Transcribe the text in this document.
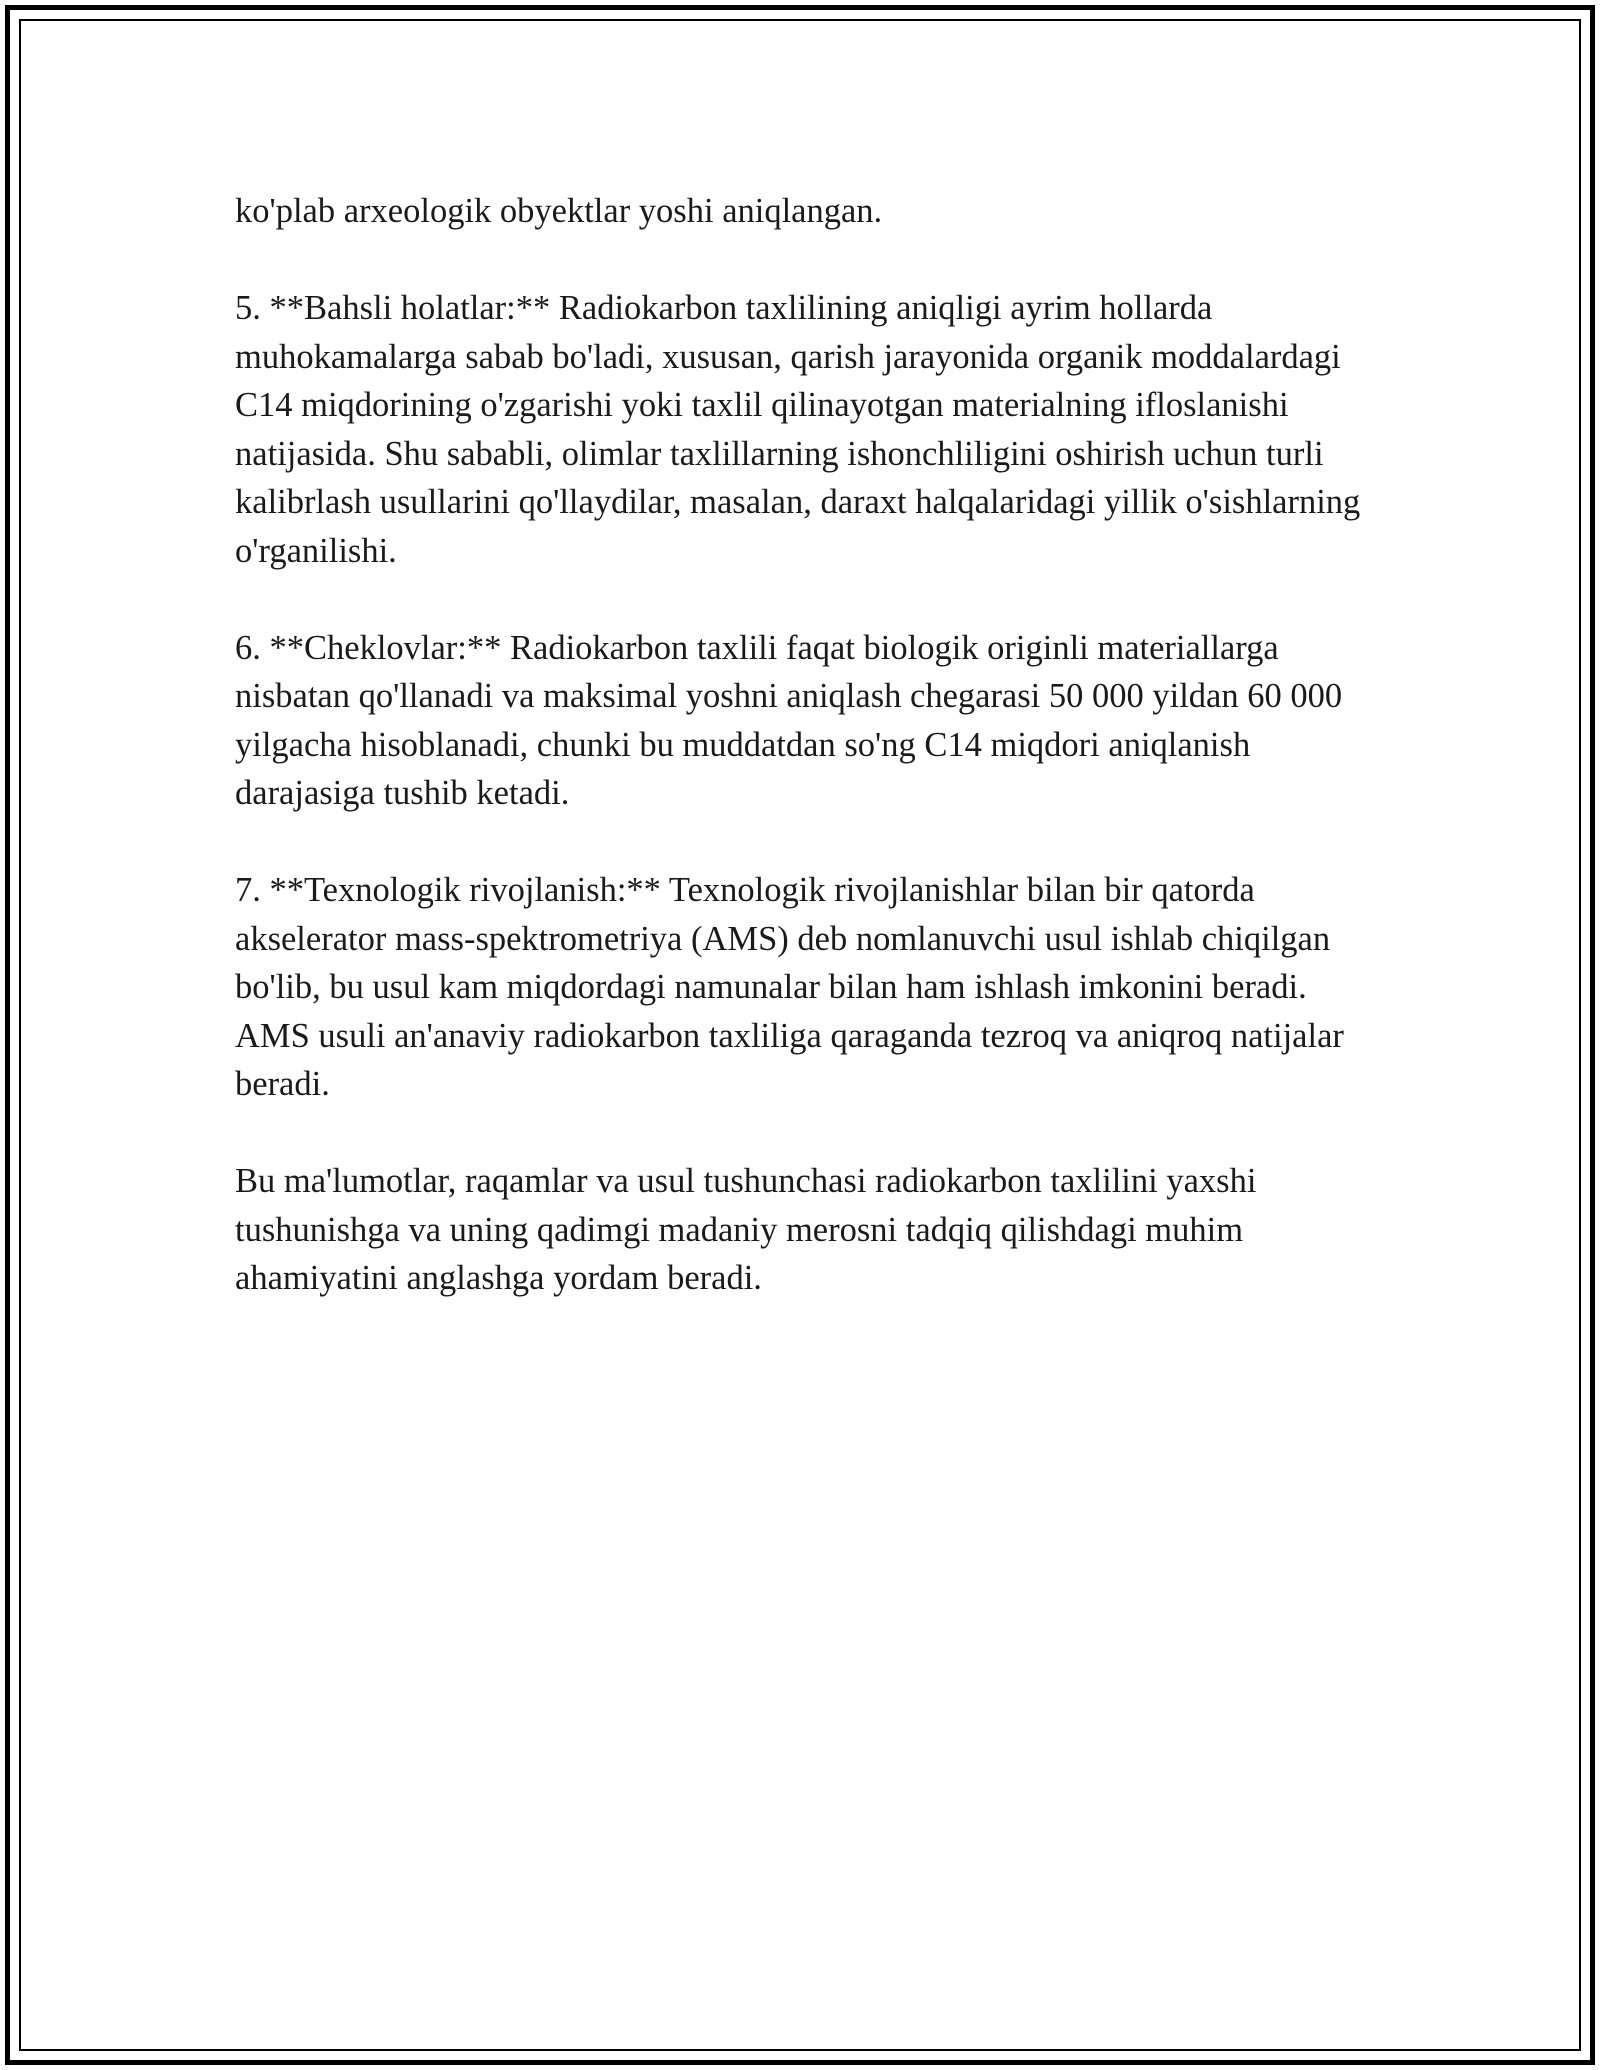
ko'plab arxeologik obyektlar yoshi aniqlangan.

5. **Bahsli holatlar:** Radiokarbon taxlilining aniqligi ayrim hollarda muhokamalarga sabab bo'ladi, xususan, qarish jarayonida organik moddalardagi C14 miqdorining o'zgarishi yoki taxlil qilinayotgan materialning ifloslanishi natijasida. Shu sababli, olimlar taxlillarning ishonchliligini oshirish uchun turli kalibrlash usullarini qo'llaydilar, masalan, daraxt halqalaridagi yillik o'sishlarning o'rganilishi.

6. **Cheklovlar:** Radiokarbon taxlili faqat biologik originli materiallarga nisbatan qo'llanadi va maksimal yoshni aniqlash chegarasi 50 000 yildan 60 000 yilgacha hisoblanadi, chunki bu muddatdan so'ng C14 miqdori aniqlanish darajasiga tushib ketadi.

7. **Texnologik rivojlanish:** Texnologik rivojlanishlar bilan bir qatorda akselerator mass-spektrometriya (AMS) deb nomlanuvchi usul ishlab chiqilgan bo'lib, bu usul kam miqdordagi namunalar bilan ham ishlash imkonini beradi. AMS usuli an'anaviy radiokarbon taxliliga qaraganda tezroq va aniqroq natijalar beradi.

Bu ma'lumotlar, raqamlar va usul tushunchasi radiokarbon taxlilini yaxshi tushunishga va uning qadimgi madaniy merosni tadqiq qilishdagi muhim ahamiyatini anglashga yordam beradi.
